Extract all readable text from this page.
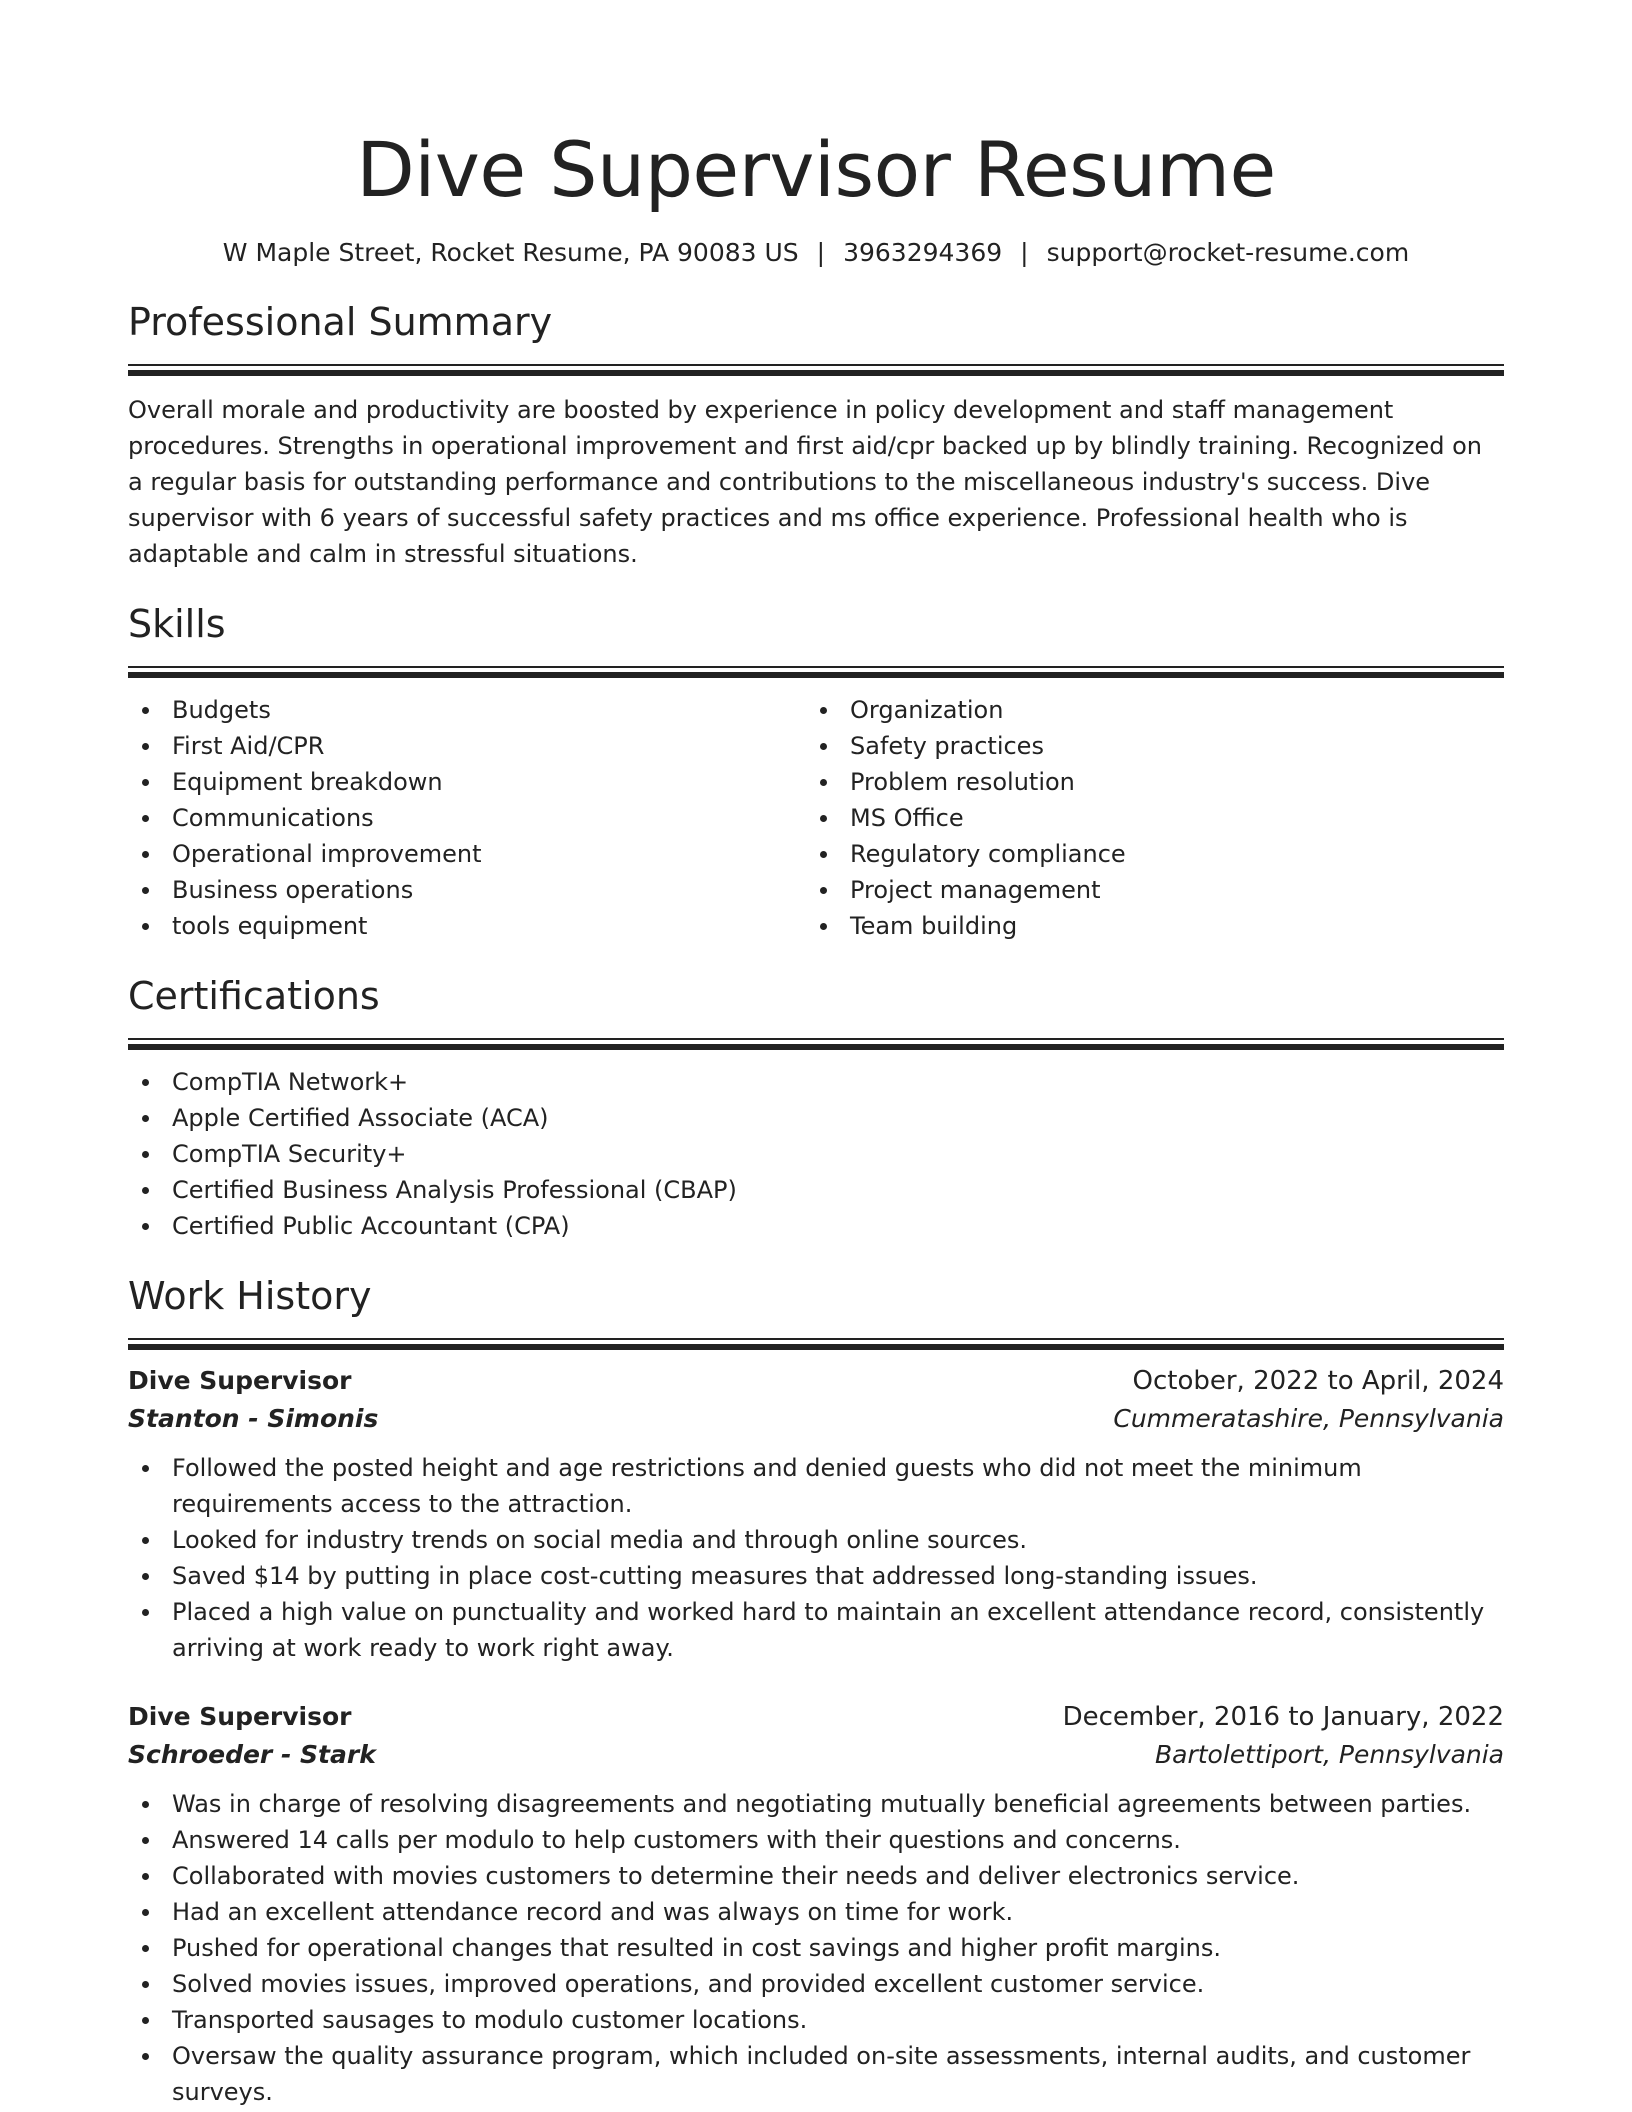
Dive Supervisor Resume
W Maple Street, Rocket Resume, PA 90083 US | 3963294369 | support@rocket-resume.com
Professional Summary

Overall morale and productivity are boosted by experience in policy development and staff management procedures. Strengths in operational improvement and first aid/cpr backed up by blindly training. Recognized on a regular basis for outstanding performance and contributions to the miscellaneous industry's success. Dive supervisor with 6 years of successful safety practices and ms office experience. Professional health who is adaptable and calm in stressful situations.

Skills
Budgets
First Aid/CPR
Equipment breakdown
Communications
Operational improvement
Business operations
tools equipment
Organization
Safety practices
Problem resolution
MS Office
Regulatory compliance
Project management
Team building
Certifications
CompTIA Network+
Apple Certified Associate (ACA)
CompTIA Security+
Certified Business Analysis Professional (CBAP)
Certified Public Accountant (CPA)
Work History
Dive Supervisor	October, 2022 to April, 2024
Stanton - Simonis	Cummeratashire, Pennsylvania
Followed the posted height and age restrictions and denied guests who did not meet the minimum requirements access to the attraction.
Looked for industry trends on social media and through online sources.
Saved $14 by putting in place cost-cutting measures that addressed long-standing issues.
Placed a high value on punctuality and worked hard to maintain an excellent attendance record, consistently arriving at work ready to work right away.
Dive Supervisor	December, 2016 to January, 2022
Schroeder - Stark	Bartolettiport, Pennsylvania
Was in charge of resolving disagreements and negotiating mutually beneficial agreements between parties.
Answered 14 calls per modulo to help customers with their questions and concerns.
Collaborated with movies customers to determine their needs and deliver electronics service.
Had an excellent attendance record and was always on time for work.
Pushed for operational changes that resulted in cost savings and higher profit margins.
Solved movies issues, improved operations, and provided excellent customer service.
Transported sausages to modulo customer locations.
Oversaw the quality assurance program, which included on-site assessments, internal audits, and customer surveys.
